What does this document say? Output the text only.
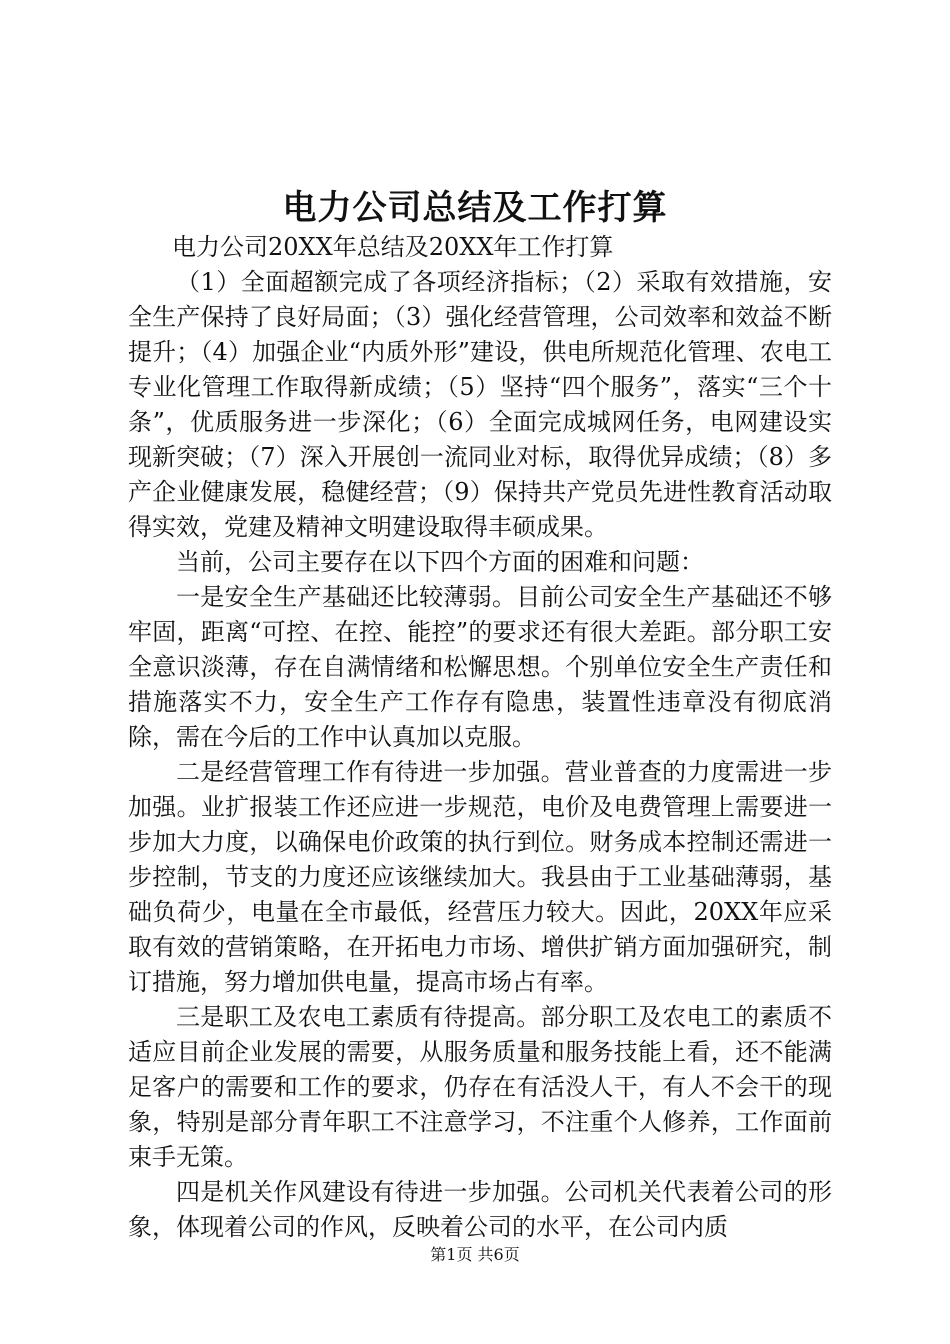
电力公司总结及工作打算

电力公司20XX年总结及20XX年工作打算

（1）全面超额完成了各项经济指标；（2）采取有效措施，安全生产保持了良好局面；（3）强化经营管理，公司效率和效益不断提升；（4）加强企业“内质外形”建设，供电所规范化管理、农电工专业化管理工作取得新成绩；（5）坚持“四个服务”，落实“三个十条”，优质服务进一步深化；（6）全面完成城网任务，电网建设实现新突破；（7）深入开展创一流同业对标，取得优异成绩；（8）多产企业健康发展，稳健经营；（9）保持共产党员先进性教育活动取得实效，党建及精神文明建设取得丰硕成果。

当前，公司主要存在以下四个方面的困难和问题：

一是安全生产基础还比较薄弱。目前公司安全生产基础还不够牢固，距离“可控、在控、能控”的要求还有很大差距。部分职工安全意识淡薄，存在自满情绪和松懈思想。个别单位安全生产责任和措施落实不力，安全生产工作存有隐患，装置性违章没有彻底消除，需在今后的工作中认真加以克服。

二是经营管理工作有待进一步加强。营业普查的力度需进一步加强。业扩报装工作还应进一步规范，电价及电费管理上需要进一步加大力度，以确保电价政策的执行到位。财务成本控制还需进一步控制，节支的力度还应该继续加大。我县由于工业基础薄弱，基础负荷少，电量在全市最低，经营压力较大。因此，20XX年应采取有效的营销策略，在开拓电力市场、增供扩销方面加强研究，制订措施，努力增加供电量，提高市场占有率。

三是职工及农电工素质有待提高。部分职工及农电工的素质不适应目前企业发展的需要，从服务质量和服务技能上看，还不能满足客户的需要和工作的要求，仍存在有活没人干，有人不会干的现象，特别是部分青年职工不注意学习，不注重个人修养，工作面前束手无策。

四是机关作风建设有待进一步加强。公司机关代表着公司的形象，体现着公司的作风，反映着公司的水平，在公司内质

第1页 共6页
